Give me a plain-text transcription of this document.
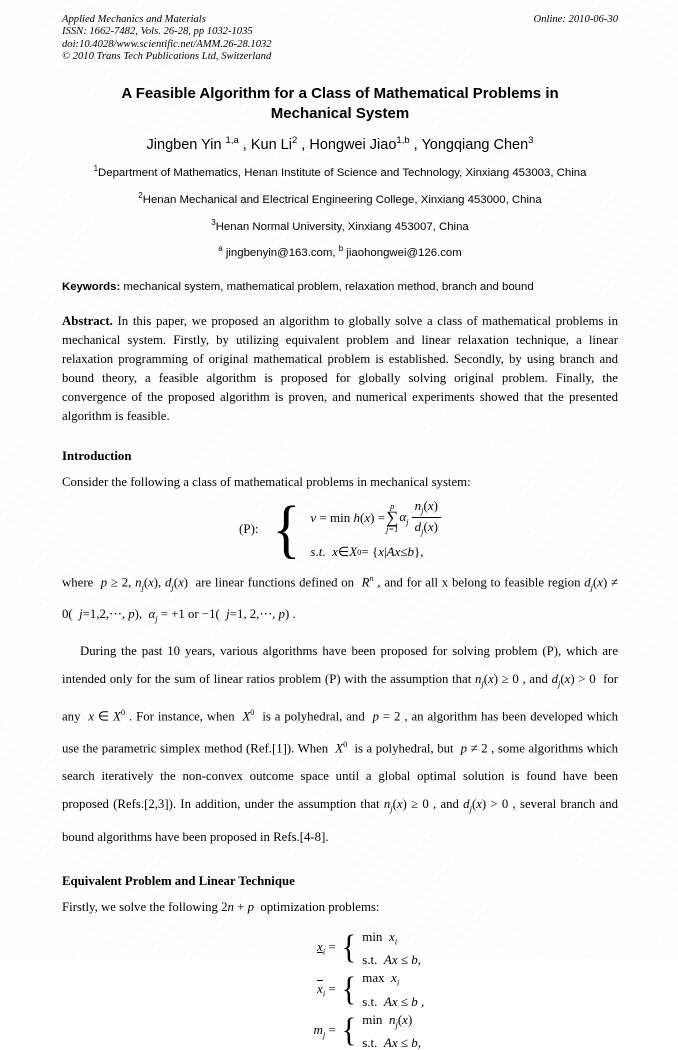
Applied Mechanics and Materials
ISSN: 1662-7482, Vols. 26-28, pp 1032-1035
doi:10.4028/www.scientific.net/AMM.26-28.1032
© 2010 Trans Tech Publications Ltd, Switzerland
Online: 2010-06-30
A Feasible Algorithm for a Class of Mathematical Problems in Mechanical System
Jingben Yin $^{1,a}$ , Kun Li$^2$ , Hongwei Jiao$^{1,b}$ , Yongqiang Chen$^3$
$^1$Department of Mathematics, Henan Institute of Science and Technology, Xinxiang 453003, China
$^2$Henan Mechanical and Electrical Engineering College, Xinxiang 453000, China
$^3$Henan Normal University, Xinxiang 453007, China
$^a$ jingbenyin@163.com, $^b$ jiaohongwei@126.com
Keywords: mechanical system, mathematical problem, relaxation method, branch and bound
Abstract. In this paper, we proposed an algorithm to globally solve a class of mathematical problems in mechanical system. Firstly, by utilizing equivalent problem and linear relaxation technique, a linear relaxation programming of original mathematical problem is established. Secondly, by using branch and bound theory, a feasible algorithm is proposed for globally solving original problem. Finally, the convergence of the proposed algorithm is proven, and numerical experiments showed that the presented algorithm is feasible.
Introduction
Consider the following a class of mathematical problems in mechanical system:
(P): { v = min h(x) =
p
∑
j=1
$\alpha_j \frac{n_j(x)}{d_j(x)}$
s . t . x ∈ X 0 = { x | Ax ≤ b },
where  p ≥ 2, $n_j(x)$, $d_j(x)$  are linear functions defined on  $R^n$ , and for all x belong to feasible region $d_j(x) \ne 0$(  j=1,2,⋯, p),  $\alpha_j = +1$ or −1(  j=1, 2,⋯, p) .
During the past 10 years, various algorithms have been proposed for solving problem (P), which are intended only for the sum of linear ratios problem (P) with the assumption that $n_j(x) \ge 0$ , and $d_j(x) > 0$  for any  x ∈ $X^0$ . For instance, when  $X^0$  is a polyhedral, and  p = 2 , an algorithm has been developed which use the parametric simplex method (Ref.[1]). When  $X^0$  is a polyhedral, but  p ≠ 2 , some algorithms which search iteratively the non-convex outcome space until a global optimal solution is found have been proposed (Refs.[2,3]). In addition, under the assumption that $n_j(x) \ge 0$ , and $d_j(x) > 0$ , several branch and bound algorithms have been proposed in Refs.[4-8].
Equivalent Problem and Linear Technique
Firstly, we solve the following 2n + p  optimization problems:
$x_i$ = { $\min x_i$
s.t.  Ax ≤ b,
$\overline{x}_i$ = { $\max x_i$
s.t.  Ax ≤ b ,
$m_j$ = { $\min n_j(x)$
s.t.  Ax ≤ b,
